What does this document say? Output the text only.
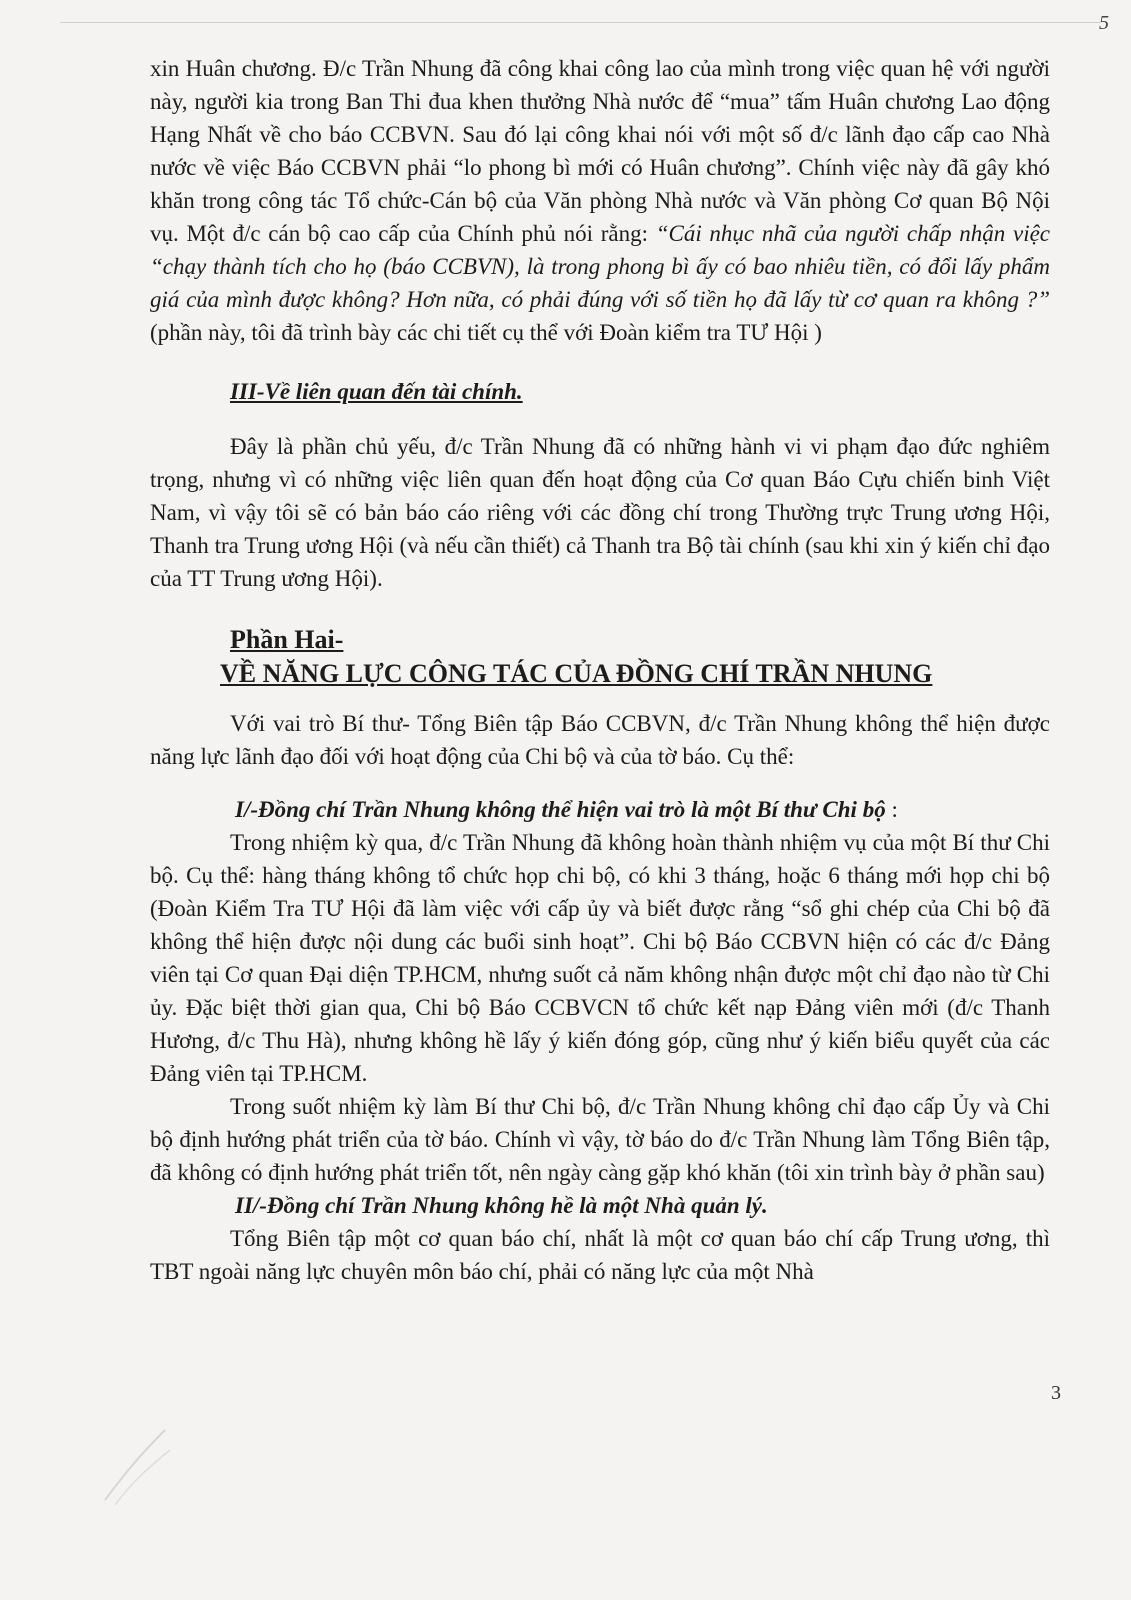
5

xin Huân chương. Đ/c Trần Nhung đã công khai công lao của mình trong việc quan hệ với người này, người kia trong Ban Thi đua khen thưởng Nhà nước để “mua” tấm Huân chương Lao động Hạng Nhất về cho báo CCBVN. Sau đó lại công khai nói với một số đ/c lãnh đạo cấp cao Nhà nước về việc Báo CCBVN phải “lo phong bì mới có Huân chương”. Chính việc này đã gây khó khăn trong công tác Tổ chức-Cán bộ của Văn phòng Nhà nước và Văn phòng Cơ quan Bộ Nội vụ. Một đ/c cán bộ cao cấp của Chính phủ nói rằng: “Cái nhục nhã của người chấp nhận việc “chạy thành tích cho họ (báo CCBVN), là trong phong bì ấy có bao nhiêu tiền, có đổi lấy phẩm giá của mình được không? Hơn nữa, có phải đúng với số tiền họ đã lấy từ cơ quan ra không ?” (phần này, tôi đã trình bày các chi tiết cụ thể với Đoàn kiểm tra TƯ Hội )

III-Về liên quan đến tài chính.

Đây là phần chủ yếu, đ/c Trần Nhung đã có những hành vi vi phạm đạo đức nghiêm trọng, nhưng vì có những việc liên quan đến hoạt động của Cơ quan Báo Cựu chiến binh Việt Nam, vì vậy tôi sẽ có bản báo cáo riêng với các đồng chí trong Thường trực Trung ương Hội, Thanh tra Trung ương Hội (và nếu cần thiết) cả Thanh tra Bộ tài chính (sau khi xin ý kiến chỉ đạo của TT Trung ương Hội).

Phần Hai-
VỀ NĂNG LỰC CÔNG TÁC CỦA ĐỒNG CHÍ TRẦN NHUNG

Với vai trò Bí thư- Tổng Biên tập Báo CCBVN, đ/c Trần Nhung không thể hiện được năng lực lãnh đạo đối với hoạt động của Chi bộ và của tờ báo. Cụ thể:

I/-Đồng chí Trần Nhung không thể hiện vai trò là một Bí thư Chi bộ :

Trong nhiệm kỳ qua, đ/c Trần Nhung đã không hoàn thành nhiệm vụ của một Bí thư Chi bộ. Cụ thể: hàng tháng không tổ chức họp chi bộ, có khi 3 tháng, hoặc 6 tháng mới họp chi bộ (Đoàn Kiểm Tra TƯ Hội đã làm việc với cấp ủy và biết được rằng “sổ ghi chép của Chi bộ đã không thể hiện được nội dung các buổi sinh hoạt”. Chi bộ Báo CCBVN hiện có các đ/c Đảng viên tại Cơ quan Đại diện TP.HCM, nhưng suốt cả năm không nhận được một chỉ đạo nào từ Chi ủy. Đặc biệt thời gian qua, Chi bộ Báo CCBVCN tổ chức kết nạp Đảng viên mới (đ/c Thanh Hương, đ/c Thu Hà), nhưng không hề lấy ý kiến đóng góp, cũng như ý kiến biểu quyết của các Đảng viên tại TP.HCM.

Trong suốt nhiệm kỳ làm Bí thư Chi bộ, đ/c Trần Nhung không chỉ đạo cấp Ủy và Chi bộ định hướng phát triển của tờ báo. Chính vì vậy, tờ báo do đ/c Trần Nhung làm Tổng Biên tập, đã không có định hướng phát triển tốt, nên ngày càng gặp khó khăn (tôi xin trình bày ở phần sau)

II/-Đồng chí Trần Nhung không hề là một Nhà quản lý.

Tổng Biên tập một cơ quan báo chí, nhất là một cơ quan báo chí cấp Trung ương, thì TBT ngoài năng lực chuyên môn báo chí, phải có năng lực của một Nhà

3
